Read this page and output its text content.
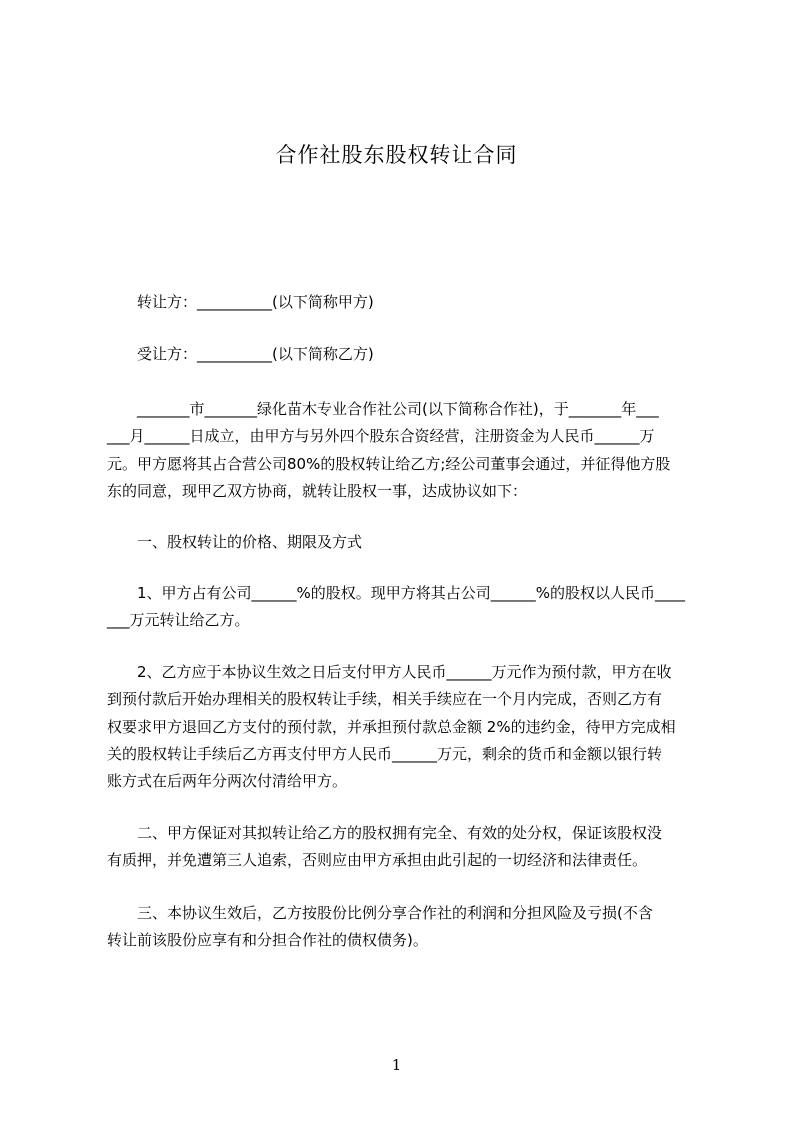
合作社股东股权转让合同
转让方：__________(以下简称甲方)
受让方：__________(以下简称乙方)
_______市_______绿化苗木专业合作社公司(以下简称合作社)，于_______年___
___月______日成立，由甲方与另外四个股东合资经营，注册资金为人民币______万
元。甲方愿将其占合营公司80%的股权转让给乙方;经公司董事会通过，并征得他方股
东的同意，现甲乙双方协商，就转让股权一事，达成协议如下：
一、股权转让的价格、期限及方式
1、甲方占有公司______%的股权。现甲方将其占公司______%的股权以人民币____
___万元转让给乙方。
2、乙方应于本协议生效之日后支付甲方人民币______万元作为预付款，甲方在收
到预付款后开始办理相关的股权转让手续，相关手续应在一个月内完成，否则乙方有
权要求甲方退回乙方支付的预付款，并承担预付款总金额 2%的违约金，待甲方完成相
关的股权转让手续后乙方再支付甲方人民币______万元，剩余的货币和金额以银行转
账方式在后两年分两次付清给甲方。
二、甲方保证对其拟转让给乙方的股权拥有完全、有效的处分权，保证该股权没
有质押，并免遭第三人追索，否则应由甲方承担由此引起的一切经济和法律责任。
三、本协议生效后，乙方按股份比例分享合作社的利润和分担风险及亏损(不含
转让前该股份应享有和分担合作社的债权债务)。
1
